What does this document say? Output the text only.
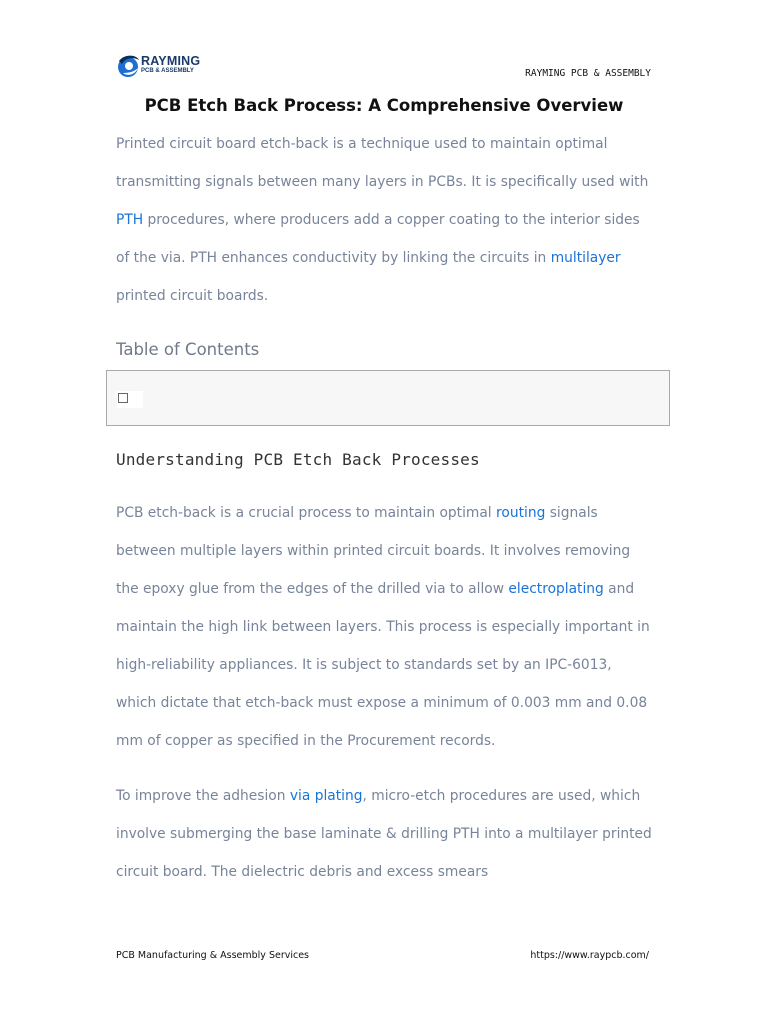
RAYMING
PCB & ASSEMBLY	RAYMING PCB & ASSEMBLY
PCB Etch Back Process: A Comprehensive Overview

Printed circuit board etch-back is a technique used to maintain optimal transmitting signals between many layers in PCBs. It is specifically used with PTH procedures, where producers add a copper coating to the interior sides of the via. PTH enhances conductivity by linking the circuits in multilayer printed circuit boards.

Table of Contents
Understanding PCB Etch Back Processes

PCB etch-back is a crucial process to maintain optimal routing signals between multiple layers within printed circuit boards. It involves removing the epoxy glue from the edges of the drilled via to allow electroplating and maintain the high link between layers. This process is especially important in high-reliability appliances. It is subject to standards set by an IPC-6013, which dictate that etch-back must expose a minimum of 0.003 mm and 0.08 mm of copper as specified in the Procurement records.

To improve the adhesion via plating, micro-etch procedures are used, which involve submerging the base laminate & drilling PTH into a multilayer printed circuit board. The dielectric debris and excess smears

PCB Manufacturing & Assembly Services	https://www.raypcb.com/
